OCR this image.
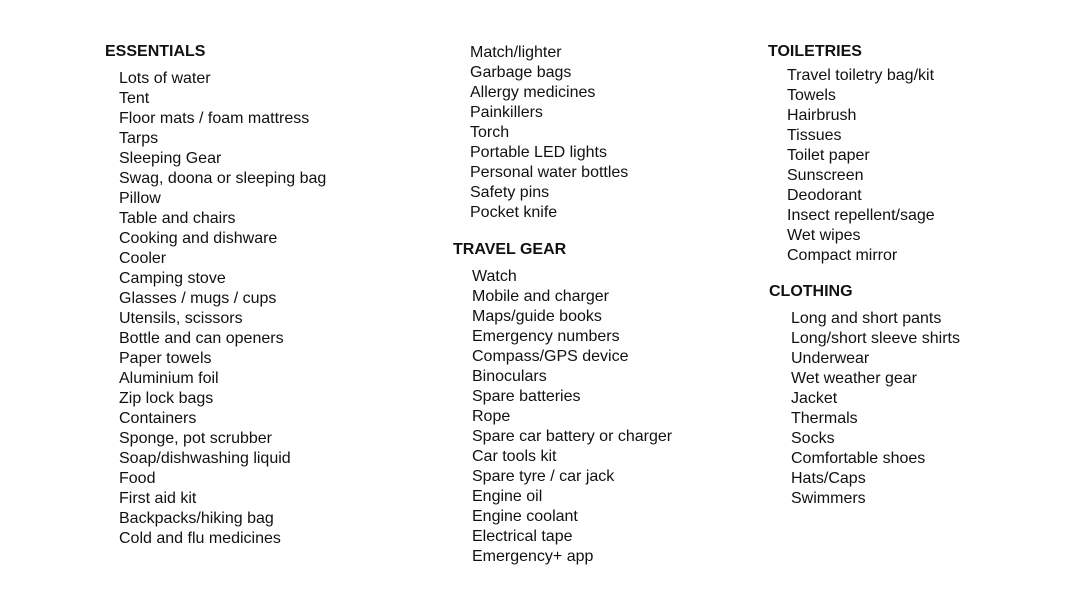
ESSENTIALS
Lots of water
Tent
Floor mats / foam mattress
Tarps
Sleeping Gear
Swag, doona or sleeping bag
Pillow
Table and chairs
Cooking and dishware
Cooler
Camping stove
Glasses / mugs / cups
Utensils, scissors
Bottle and can openers
Paper towels
Aluminium foil
Zip lock bags
Containers
Sponge, pot scrubber
Soap/dishwashing liquid
Food
First aid kit
Backpacks/hiking bag
Cold and flu medicines
Match/lighter
Garbage bags
Allergy medicines
Painkillers
Torch
Portable LED lights
Personal water bottles
Safety pins
Pocket knife
TRAVEL GEAR
Watch
Mobile and charger
Maps/guide books
Emergency numbers
Compass/GPS device
Binoculars
Spare batteries
Rope
Spare car battery or charger
Car tools kit
Spare tyre / car jack
Engine oil
Engine coolant
Electrical tape
Emergency+ app
TOILETRIES
Travel toiletry bag/kit
Towels
Hairbrush
Tissues
Toilet paper
Sunscreen
Deodorant
Insect repellent/sage
Wet wipes
Compact mirror
CLOTHING
Long and short pants
Long/short sleeve shirts
Underwear
Wet weather gear
Jacket
Thermals
Socks
Comfortable shoes
Hats/Caps
Swimmers
